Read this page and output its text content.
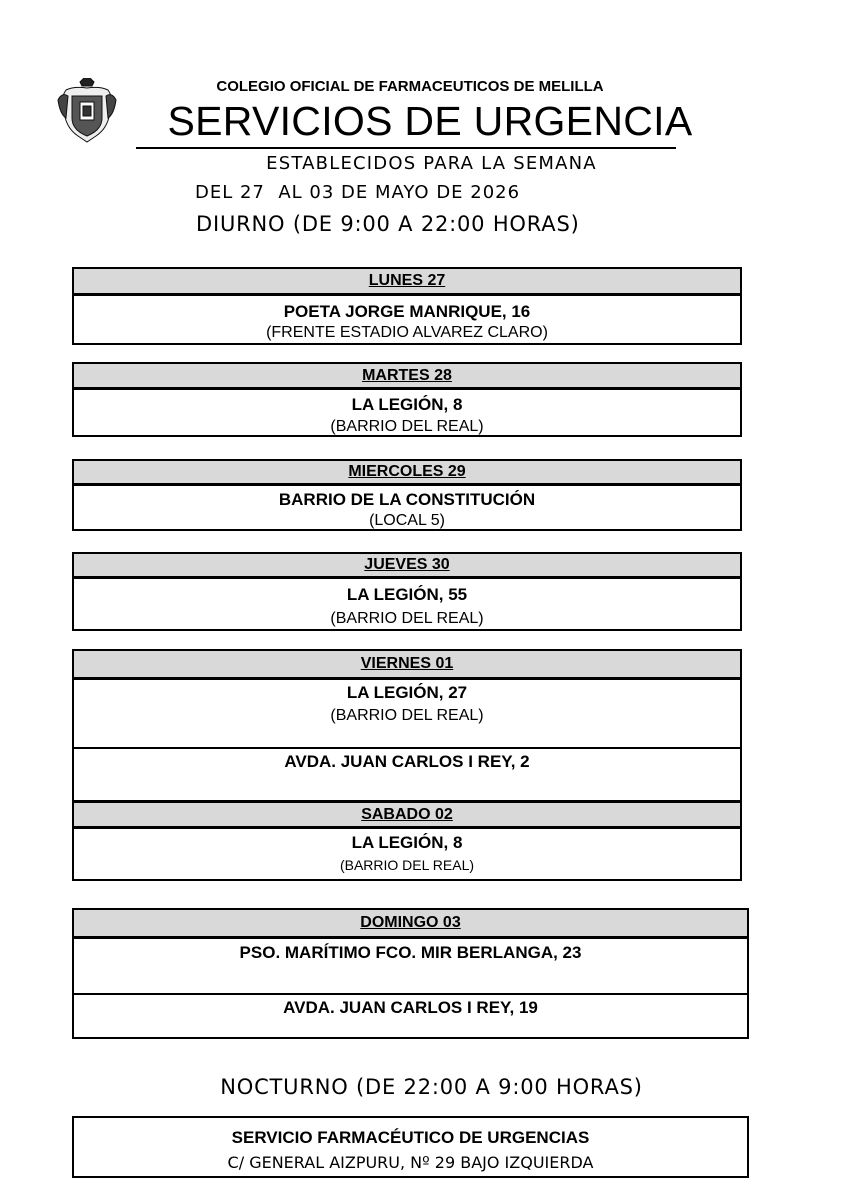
COLEGIO OFICIAL DE FARMACEUTICOS DE MELILLA
SERVICIOS DE URGENCIA
ESTABLECIDOS PARA LA SEMANA
DEL 27  AL 03 DE MAYO DE 2026
DIURNO (DE 9:00 A 22:00 HORAS)
LUNES 27
POETA JORGE MANRIQUE, 16
(FRENTE ESTADIO ALVAREZ CLARO)
MARTES 28
LA LEGIÓN, 8
(BARRIO DEL REAL)
MIERCOLES 29
BARRIO DE LA CONSTITUCIÓN
(LOCAL 5)
JUEVES 30
LA LEGIÓN, 55
(BARRIO DEL REAL)
VIERNES 01
LA LEGIÓN, 27
(BARRIO DEL REAL)
AVDA. JUAN CARLOS I REY, 2
SABADO 02
LA LEGIÓN, 8
(BARRIO DEL REAL)
DOMINGO 03
PSO. MARÍTIMO FCO. MIR BERLANGA, 23
AVDA. JUAN CARLOS I REY, 19
NOCTURNO (DE 22:00 A 9:00 HORAS)
SERVICIO FARMACÉUTICO DE URGENCIAS
C/ GENERAL AIZPURU, Nº 29 BAJO IZQUIERDA
